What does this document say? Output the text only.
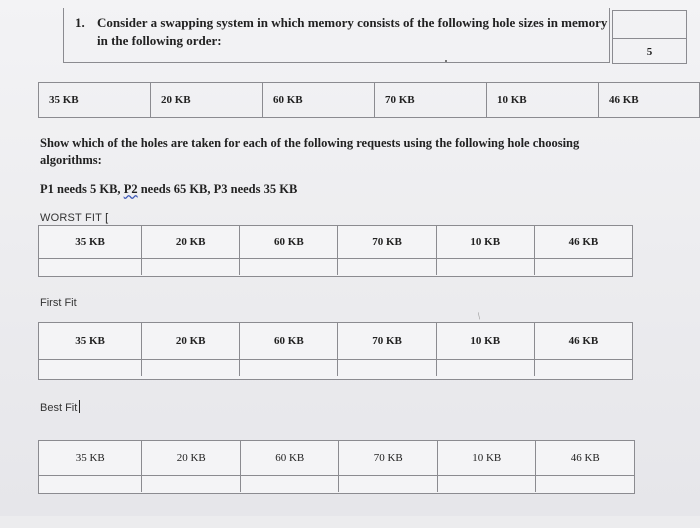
1. Consider a swapping system in which memory consists of the following hole sizes in memory in the following order:
5
35 KB	20 KB	60 KB	70 KB	10 KB	46 KB
Show which of the holes are taken for each of the following requests using the following hole choosing algorithms:
P1 needs 5 KB, P2 needs 65 KB, P3 needs 35 KB
WORST FIT [
35 KB	20 KB	60 KB	70 KB	10 KB	46 KB
First Fit
/
35 KB	20 KB	60 KB	70 KB	10 KB	46 KB
Best Fit
35 KB	20 KB	60 KB	70 KB	10 KB	46 KB
